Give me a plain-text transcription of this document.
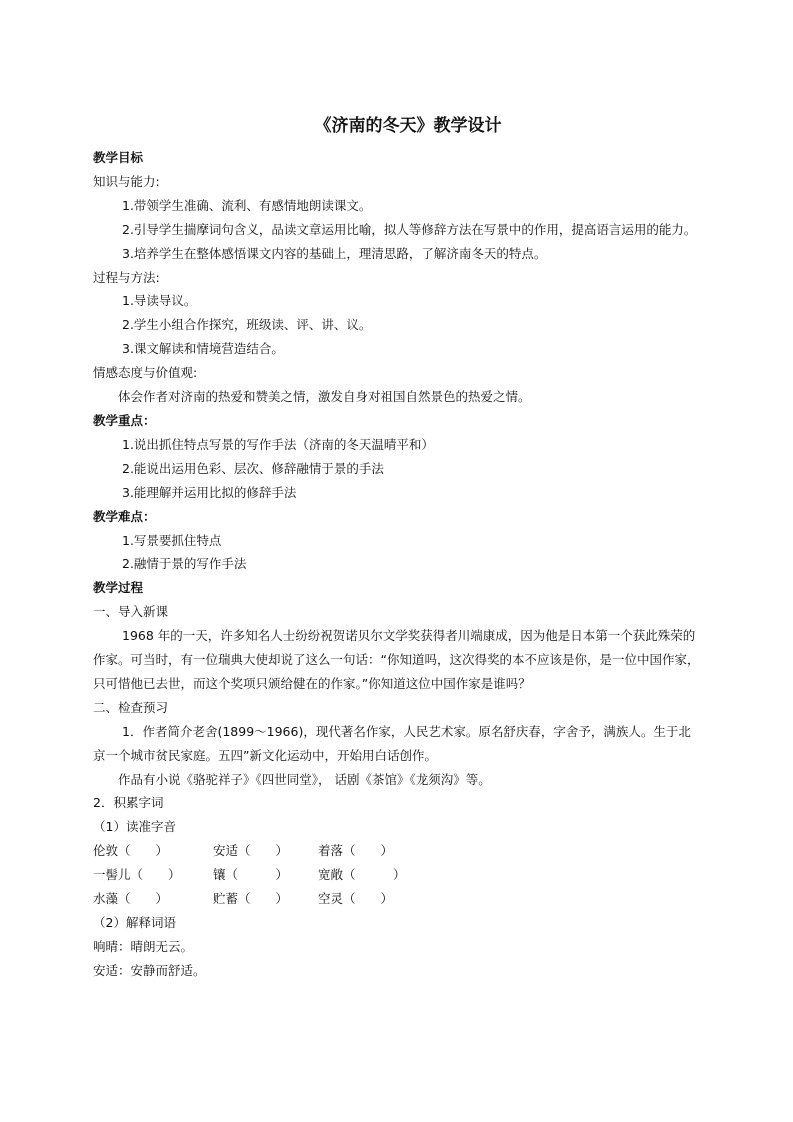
《济南的冬天》教学设计
教学目标
知识与能力:
1.带领学生准确、流利、有感情地朗读课文。
2.引导学生揣摩词句含义，品读文章运用比喻，拟人等修辞方法在写景中的作用，提高语言运用的能力。
3.培养学生在整体感悟课文内容的基础上，理清思路，了解济南冬天的特点。
过程与方法:
1.导读导议。
2.学生小组合作探究，班级读、评、讲、议。
3.课文解读和情境营造结合。
情感态度与价值观:
体会作者对济南的热爱和赞美之情，激发自身对祖国自然景色的热爱之情。
教学重点：
1.说出抓住特点写景的写作手法（济南的冬天温晴平和）
2.能说出运用色彩、层次、修辞融情于景的手法
3.能理解并运用比拟的修辞手法
教学难点：
1.写景要抓住特点
2.融情于景的写作手法
教学过程
一、导入新课
1968 年的一天，许多知名人士纷纷祝贺诺贝尔文学奖获得者川端康成，因为他是日本第一个获此殊荣的作家。可当时，有一位瑞典大使却说了这么一句话：“你知道吗，这次得奖的本不应该是你，是一位中国作家，只可惜他已去世，而这个奖项只颁给健在的作家。”你知道这位中国作家是谁吗？
二、检查预习
1．作者简介老舍(1899～1966)，现代著名作家，人民艺术家。原名舒庆春，字舍予，满族人。生于北京一个城市贫民家庭。五四”新文化运动中，开始用白话创作。
作品有小说《骆驼祥子》《四世同堂》， 话剧《茶馆》《龙须沟》等。
2．积累字词
（1）读准字音
伦敦（　　）	安适（　　）	着落（　　）
一髻儿（　　）	镶（　　　）	宽敞（　　　）
水藻（　　）	贮蓄（　　）	空灵（　　）
（2）解释词语
响晴：晴朗无云。
安适：安静而舒适。
